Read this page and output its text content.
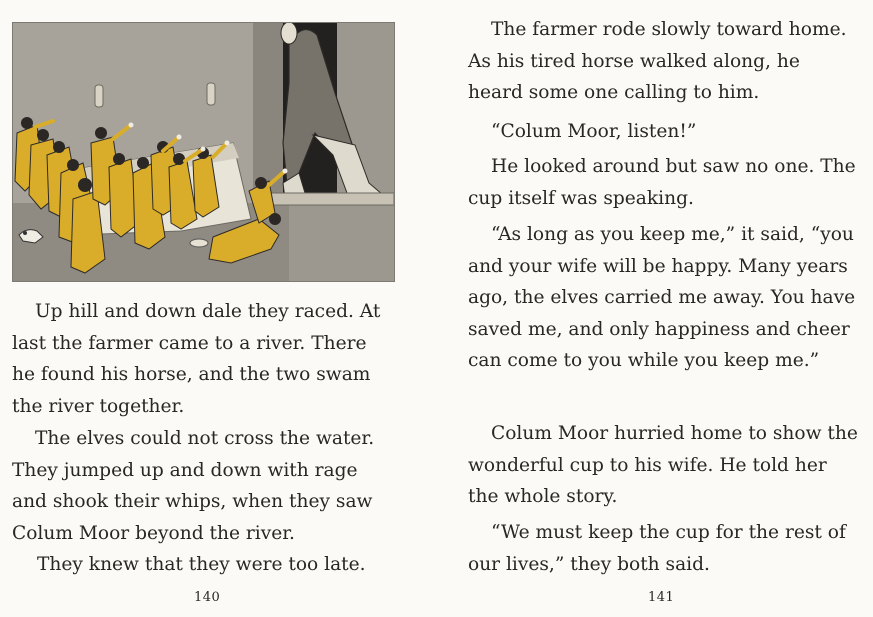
Up hill and down dale they raced. At last the farmer came to a river. There he found his horse, and the two swam the river together.

The elves could not cross the water. They jumped up and down with rage and shook their whips, when they saw Colum Moor beyond the river.

They knew that they were too late.

140

The farmer rode slowly toward home. As his tired horse walked along, he heard some one calling to him.

“Colum Moor, listen!”

He looked around but saw no one. The cup itself was speaking.

“As long as you keep me,” it said, “you and your wife will be happy. Many years ago, the elves carried me away. You have saved me, and only happiness and cheer can come to you while you keep me.”

Colum Moor hurried home to show the wonderful cup to his wife. He told her the whole story.

“We must keep the cup for the rest of our lives,” they both said.

141
